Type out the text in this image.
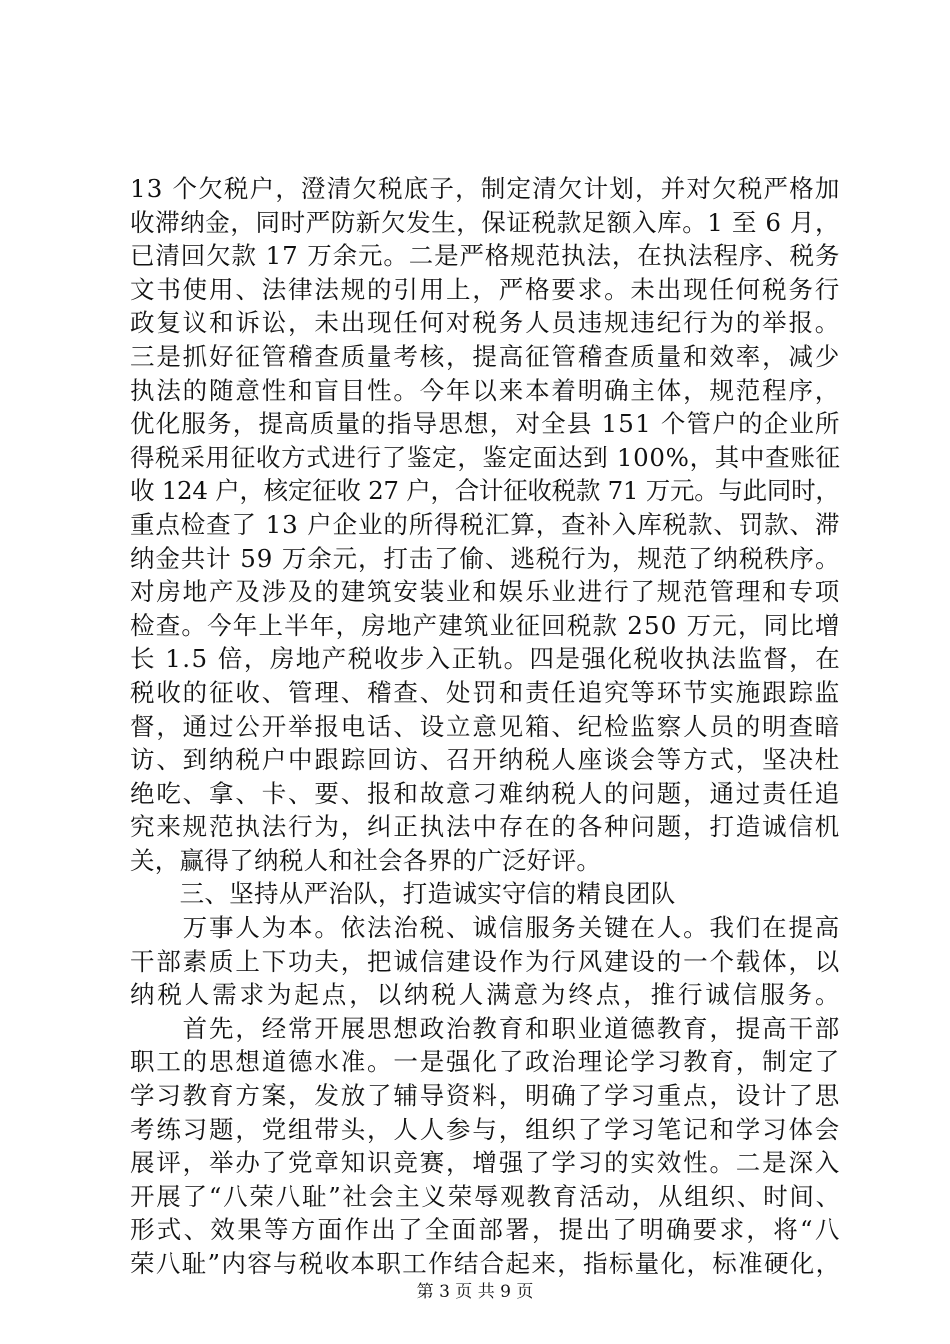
13 个欠税户，澄清欠税底子，制定清欠计划，并对欠税严格加
收滞纳金，同时严防新欠发生，保证税款足额入库。1 至 6 月，
已清回欠款 17 万余元。二是严格规范执法，在执法程序、税务
文书使用、法律法规的引用上，严格要求。未出现任何税务行
政复议和诉讼，未出现任何对税务人员违规违纪行为的举报。
三是抓好征管稽查质量考核，提高征管稽查质量和效率，减少
执法的随意性和盲目性。今年以来本着明确主体，规范程序，
优化服务，提高质量的指导思想，对全县 151 个管户的企业所
得税采用征收方式进行了鉴定，鉴定面达到 100%，其中查账征
收 124 户，核定征收 27 户，合计征收税款 71 万元。与此同时，
重点检查了 13 户企业的所得税汇算，查补入库税款、罚款、滞
纳金共计 59 万余元，打击了偷、逃税行为，规范了纳税秩序。
对房地产及涉及的建筑安装业和娱乐业进行了规范管理和专项
检查。今年上半年，房地产建筑业征回税款 250 万元，同比增
长 1.5 倍，房地产税收步入正轨。四是强化税收执法监督，在
税收的征收、管理、稽查、处罚和责任追究等环节实施跟踪监
督，通过公开举报电话、设立意见箱、纪检监察人员的明查暗
访、到纳税户中跟踪回访、召开纳税人座谈会等方式，坚决杜
绝吃、拿、卡、要、报和故意刁难纳税人的问题，通过责任追
究来规范执法行为，纠正执法中存在的各种问题，打造诚信机
关，赢得了纳税人和社会各界的广泛好评。
　　三、坚持从严治队，打造诚实守信的精良团队
　　万事人为本。依法治税、诚信服务关键在人。我们在提高
干部素质上下功夫，把诚信建设作为行风建设的一个载体，以
纳税人需求为起点，以纳税人满意为终点，推行诚信服务。
　　首先，经常开展思想政治教育和职业道德教育，提高干部
职工的思想道德水准。一是强化了政治理论学习教育，制定了
学习教育方案，发放了辅导资料，明确了学习重点，设计了思
考练习题，党组带头，人人参与，组织了学习笔记和学习体会
展评，举办了党章知识竞赛，增强了学习的实效性。二是深入
开展了“八荣八耻”社会主义荣辱观教育活动，从组织、时间、
形式、效果等方面作出了全面部署，提出了明确要求，将“八
荣八耻”内容与税收本职工作结合起来，指标量化，标准硬化，
第 3 页 共 9 页
